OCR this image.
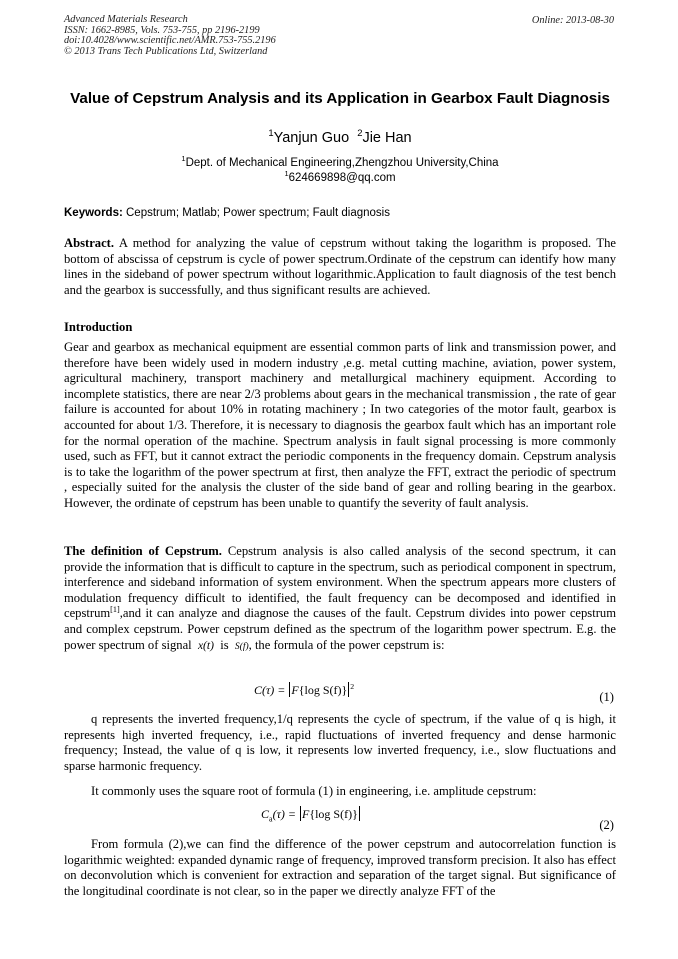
Advanced Materials Research
ISSN: 1662-8985, Vols. 753-755, pp 2196-2199
doi:10.4028/www.scientific.net/AMR.753-755.2196
© 2013 Trans Tech Publications Ltd, Switzerland
Online: 2013-08-30
Value of Cepstrum Analysis and its Application in Gearbox Fault Diagnosis
$^1$Yanjun Guo $^2$Jie Han
$^1$Dept. of Mechanical Engineering,Zhengzhou University,China
$^1$624669898@qq.com
Keywords: Cepstrum; Matlab; Power spectrum; Fault diagnosis
Abstract. A method for analyzing the value of cepstrum without taking the logarithm is proposed. The bottom of abscissa of cepstrum is cycle of power spectrum.Ordinate of the cepstrum can identify how many lines in the sideband of power spectrum without logarithmic.Application to fault diagnosis of the test bench and the gearbox is successfully, and thus significant results are achieved.
Introduction
Gear and gearbox as mechanical equipment are essential common parts of link and transmission power, and therefore have been widely used in modern industry ,e.g. metal cutting machine, aviation, power system, agricultural machinery, transport machinery and metallurgical machinery equipment. According to incomplete statistics, there are near 2/3 problems about gears in the mechanical transmission , the rate of gear failure is accounted for about 10% in rotating machinery ; In two categories of the motor fault, gearbox is accounted for about 1/3. Therefore, it is necessary to diagnosis the gearbox fault which has an important role for the normal operation of the machine. Spectrum analysis in fault signal processing is more commonly used, such as FFT, but it cannot extract the periodic components in the frequency domain. Cepstrum analysis is to take the logarithm of the power spectrum at first, then analyze the FFT, extract the periodic of spectrum , especially suited for the analysis the cluster of the side band of gear and rolling bearing in the gearbox. However, the ordinate of cepstrum has been unable to quantify the severity of fault analysis.
The definition of Cepstrum. Cepstrum analysis is also called analysis of the second spectrum, it can provide the information that is difficult to capture in the spectrum, such as periodical component in spectrum, interference and sideband information of system environment. When the spectrum appears more clusters of modulation frequency difficult to identified, the fault frequency can be decomposed and identified in cepstrum[1],and it can analyze and diagnose the causes of the fault. Cepstrum divides into power cepstrum and complex cepstrum. Power cepstrum defined as the spectrum of the logarithm power spectrum. E.g. the power spectrum of signal x(t) is S(f), the formula of the power cepstrum is:
C(τ) = F{log S(f)} $^2$
(1)
q represents the inverted frequency,1/q represents the cycle of spectrum, if the value of q is high, it represents high inverted frequency, i.e., rapid fluctuations of inverted frequency and dense harmonic frequency; Instead, the value of q is low, it represents low inverted frequency, i.e., slow fluctuations and sparse harmonic frequency.
It commonly uses the square root of formula (1) in engineering, i.e. amplitude cepstrum:
$C_a(\tau) = F\{\log$ S(f)}
(2)
From formula (2),we can find the difference of the power cepstrum and autocorrelation function is logarithmic weighted: expanded dynamic range of frequency, improved transform precision. It also has effect on deconvolution which is convenient for extraction and separation of the target signal. But significance of the longitudinal coordinate is not clear, so in the paper we directly analyze FFT of the
